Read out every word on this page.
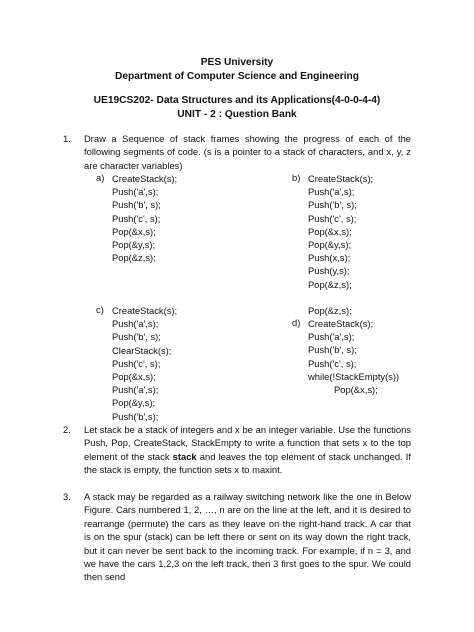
PES University
Department of Computer Science and Engineering
UE19CS202- Data Structures and its Applications(4-0-0-4-4)
UNIT - 2 : Question Bank
1. Draw a Sequence of stack frames showing the progress of each of the following segments of code. (s is a pointer to a stack of characters, and x, y, z are character variables)
a) CreateStack(s);
Push('a',s);
Push('b', s);
Push('c', s);
Pop(&x,s);
Pop(&y,s);
Pop(&z,s);
b) CreateStack(s);
Push('a',s);
Push('b', s);
Push('c', s);
Pop(&x,s);
Pop(&y,s);
Push(x,s);
Push(y,s);
Pop(&z,s);
Pop(&z,s);
c) CreateStack(s);
Push('a',s);
Push('b', s);
ClearStack(s);
Push('c', s);
Pop(&x,s);
Push('a',s);
Pop(&y,s);
Push('b',s);
d) CreateStack(s);
Push('a',s);
Push('b', s);
Push('c', s);
while(!StackEmpty(s))
Pop(&x,s);
2. Let stack be a stack of integers and x be an integer variable. Use the functions Push, Pop, CreateStack, StackEmpty to write a function that sets x to the top element of the stack stack and leaves the top element of stack unchanged. If the stack is empty, the function sets x to maxint.
3. A stack may be regarded as a railway switching network like the one in Below Figure. Cars numbered 1, 2, …, n are on the line at the left, and it is desired to rearrange (permute) the cars as they leave on the right-hand track. A car that is on the spur (stack) can be left there or sent on its way down the right track, but it can never be sent back to the incoming track. For example, if n = 3, and we have the cars 1,2,3 on the left track, then 3 first goes to the spur. We could then send
